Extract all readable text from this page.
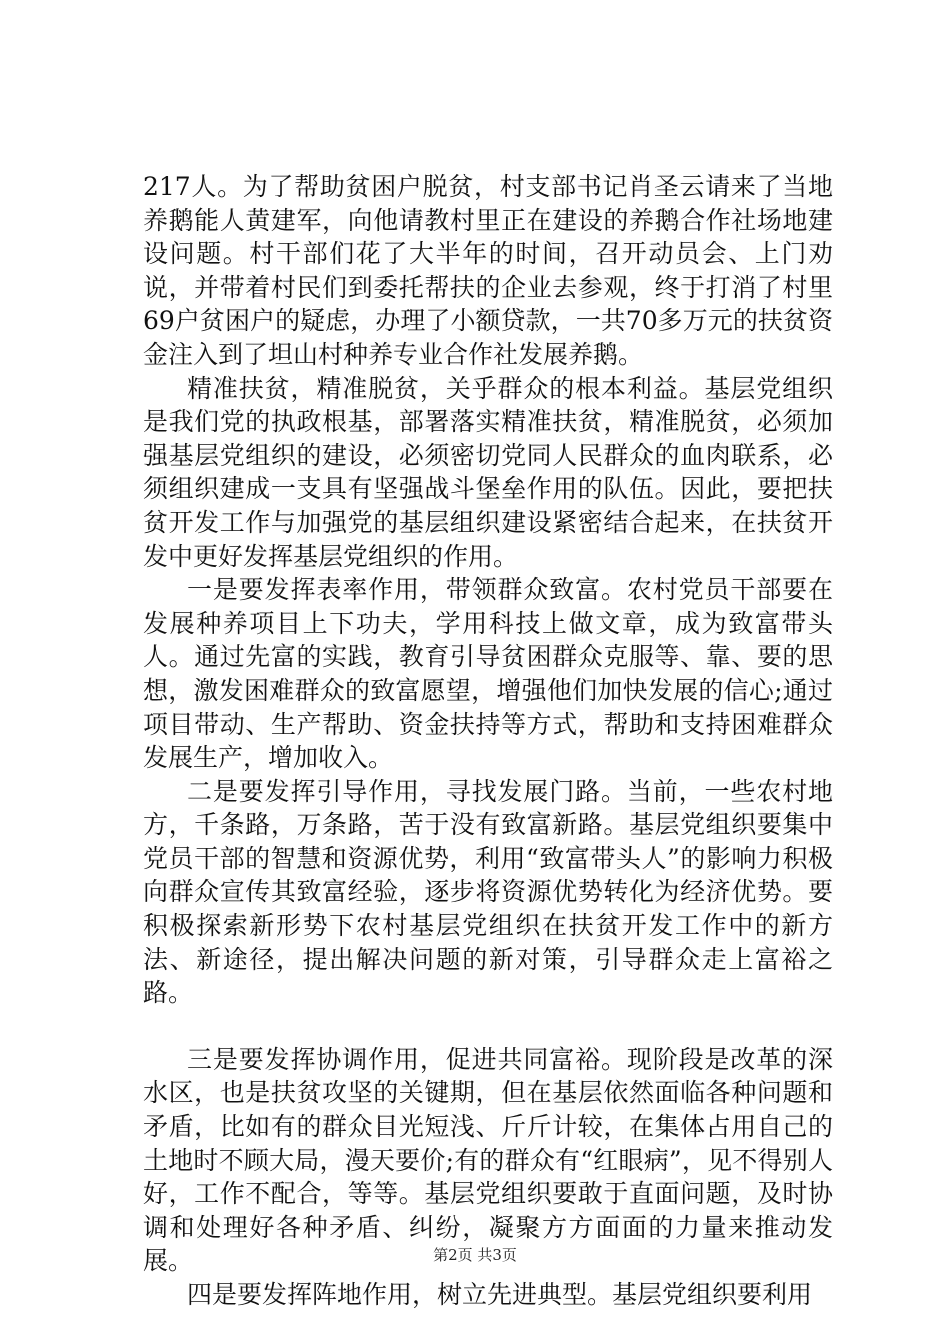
217人。为了帮助贫困户脱贫，村支部书记肖圣云请来了当地养鹅能人黄建军，向他请教村里正在建设的养鹅合作社场地建设问题。村干部们花了大半年的时间，召开动员会、上门劝说，并带着村民们到委托帮扶的企业去参观，终于打消了村里69户贫困户的疑虑，办理了小额贷款，一共70多万元的扶贫资金注入到了坦山村种养专业合作社发展养鹅。

精准扶贫，精准脱贫，关乎群众的根本利益。基层党组织是我们党的执政根基，部署落实精准扶贫，精准脱贫，必须加强基层党组织的建设，必须密切党同人民群众的血肉联系，必须组织建成一支具有坚强战斗堡垒作用的队伍。因此，要把扶贫开发工作与加强党的基层组织建设紧密结合起来，在扶贫开发中更好发挥基层党组织的作用。

一是要发挥表率作用，带领群众致富。农村党员干部要在发展种养项目上下功夫，学用科技上做文章，成为致富带头人。通过先富的实践，教育引导贫困群众克服等、靠、要的思想，激发困难群众的致富愿望，增强他们加快发展的信心;通过项目带动、生产帮助、资金扶持等方式，帮助和支持困难群众发展生产，增加收入。

二是要发挥引导作用，寻找发展门路。当前，一些农村地方，千条路，万条路，苦于没有致富新路。基层党组织要集中党员干部的智慧和资源优势，利用“致富带头人”的影响力积极向群众宣传其致富经验，逐步将资源优势转化为经济优势。要积极探索新形势下农村基层党组织在扶贫开发工作中的新方法、新途径，提出解决问题的新对策，引导群众走上富裕之路。

三是要发挥协调作用，促进共同富裕。现阶段是改革的深水区，也是扶贫攻坚的关键期，但在基层依然面临各种问题和矛盾，比如有的群众目光短浅、斤斤计较，在集体占用自己的土地时不顾大局，漫天要价;有的群众有“红眼病”，见不得别人好，工作不配合，等等。基层党组织要敢于直面问题，及时协调和处理好各种矛盾、纠纷，凝聚方方面面的力量来推动发展。

四是要发挥阵地作用，树立先进典型。基层党组织要利用

第2页 共3页
